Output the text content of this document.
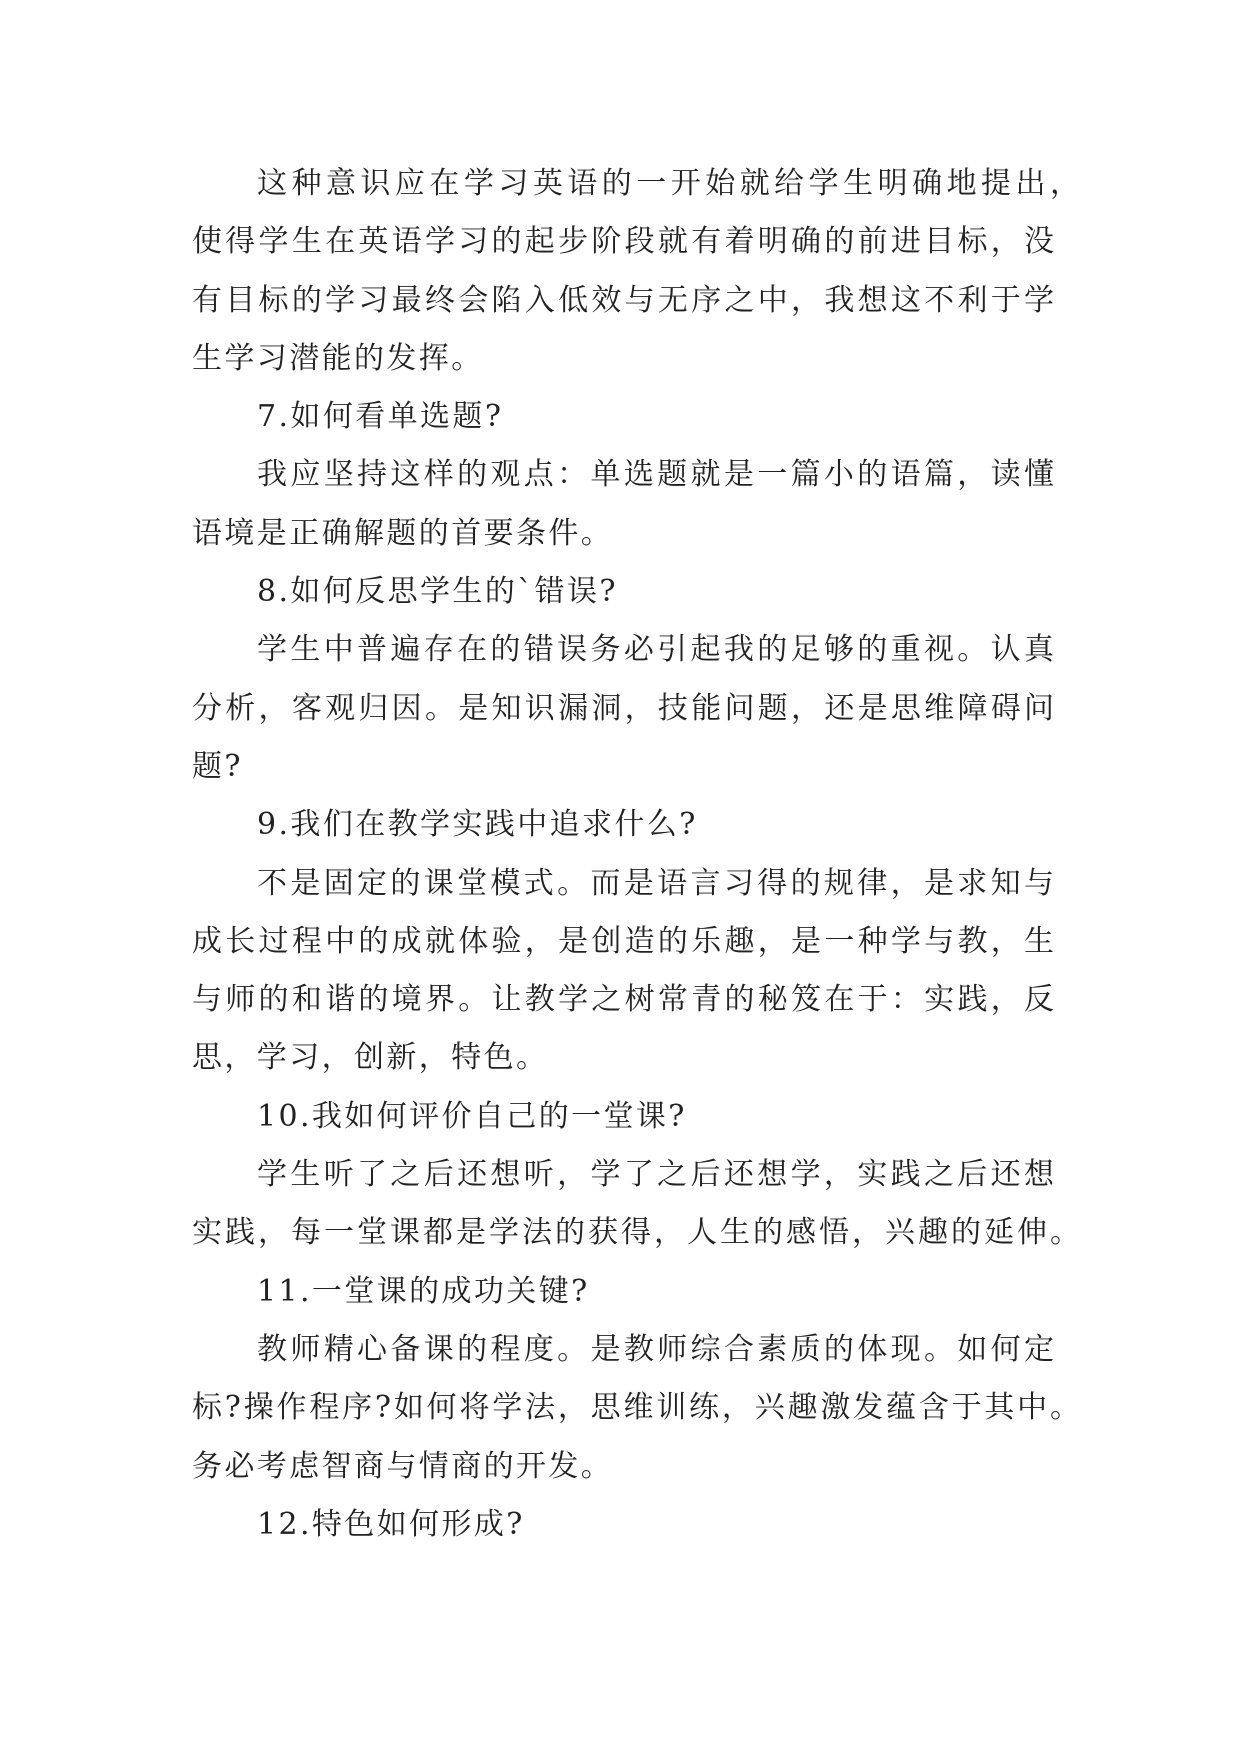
这种意识应在学习英语的一开始就给学生明确地提出，
使得学生在英语学习的起步阶段就有着明确的前进目标，没
有目标的学习最终会陷入低效与无序之中，我想这不利于学
生学习潜能的发挥。
7.如何看单选题?
我应坚持这样的观点：单选题就是一篇小的语篇，读懂
语境是正确解题的首要条件。
8.如何反思学生的`错误?
学生中普遍存在的错误务必引起我的足够的重视。认真
分析，客观归因。是知识漏洞，技能问题，还是思维障碍问
题?
9.我们在教学实践中追求什么?
不是固定的课堂模式。而是语言习得的规律，是求知与
成长过程中的成就体验，是创造的乐趣，是一种学与教，生
与师的和谐的境界。让教学之树常青的秘笈在于：实践，反
思，学习，创新，特色。
10.我如何评价自己的一堂课?
学生听了之后还想听，学了之后还想学，实践之后还想
实践，每一堂课都是学法的获得，人生的感悟，兴趣的延伸。
11.一堂课的成功关键?
教师精心备课的程度。是教师综合素质的体现。如何定
标?操作程序?如何将学法，思维训练，兴趣激发蕴含于其中。
务必考虑智商与情商的开发。
12.特色如何形成?
